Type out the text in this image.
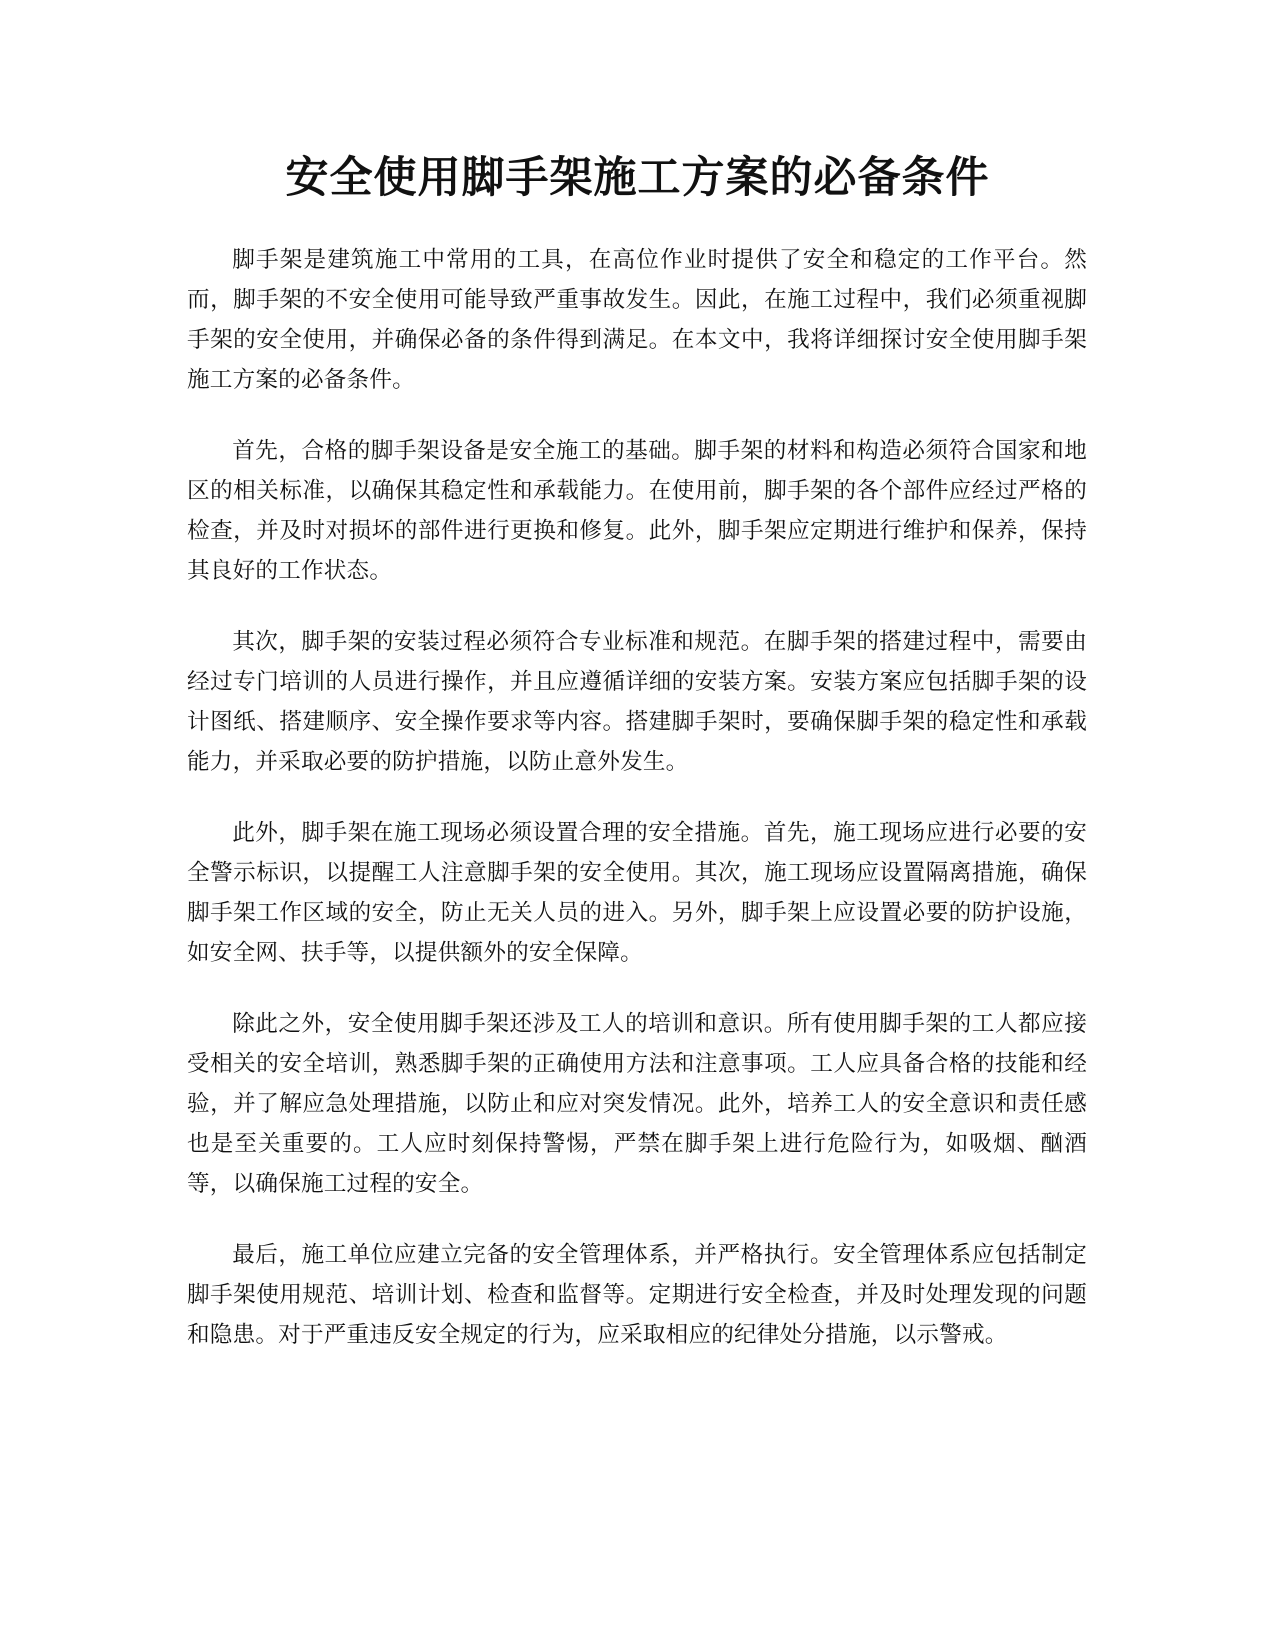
安全使用脚手架施工方案的必备条件

脚手架是建筑施工中常用的工具，在高位作业时提供了安全和稳定的工作平台。然而，脚手架的不安全使用可能导致严重事故发生。因此，在施工过程中，我们必须重视脚手架的安全使用，并确保必备的条件得到满足。在本文中，我将详细探讨安全使用脚手架施工方案的必备条件。

首先，合格的脚手架设备是安全施工的基础。脚手架的材料和构造必须符合国家和地区的相关标准，以确保其稳定性和承载能力。在使用前，脚手架的各个部件应经过严格的检查，并及时对损坏的部件进行更换和修复。此外，脚手架应定期进行维护和保养，保持其良好的工作状态。

其次，脚手架的安装过程必须符合专业标准和规范。在脚手架的搭建过程中，需要由经过专门培训的人员进行操作，并且应遵循详细的安装方案。安装方案应包括脚手架的设计图纸、搭建顺序、安全操作要求等内容。搭建脚手架时，要确保脚手架的稳定性和承载能力，并采取必要的防护措施，以防止意外发生。

此外，脚手架在施工现场必须设置合理的安全措施。首先，施工现场应进行必要的安全警示标识，以提醒工人注意脚手架的安全使用。其次，施工现场应设置隔离措施，确保脚手架工作区域的安全，防止无关人员的进入。另外，脚手架上应设置必要的防护设施，如安全网、扶手等，以提供额外的安全保障。

除此之外，安全使用脚手架还涉及工人的培训和意识。所有使用脚手架的工人都应接受相关的安全培训，熟悉脚手架的正确使用方法和注意事项。工人应具备合格的技能和经验，并了解应急处理措施，以防止和应对突发情况。此外，培养工人的安全意识和责任感也是至关重要的。工人应时刻保持警惕，严禁在脚手架上进行危险行为，如吸烟、酗酒等，以确保施工过程的安全。

最后，施工单位应建立完备的安全管理体系，并严格执行。安全管理体系应包括制定脚手架使用规范、培训计划、检查和监督等。定期进行安全检查，并及时处理发现的问题和隐患。对于严重违反安全规定的行为，应采取相应的纪律处分措施，以示警戒。
